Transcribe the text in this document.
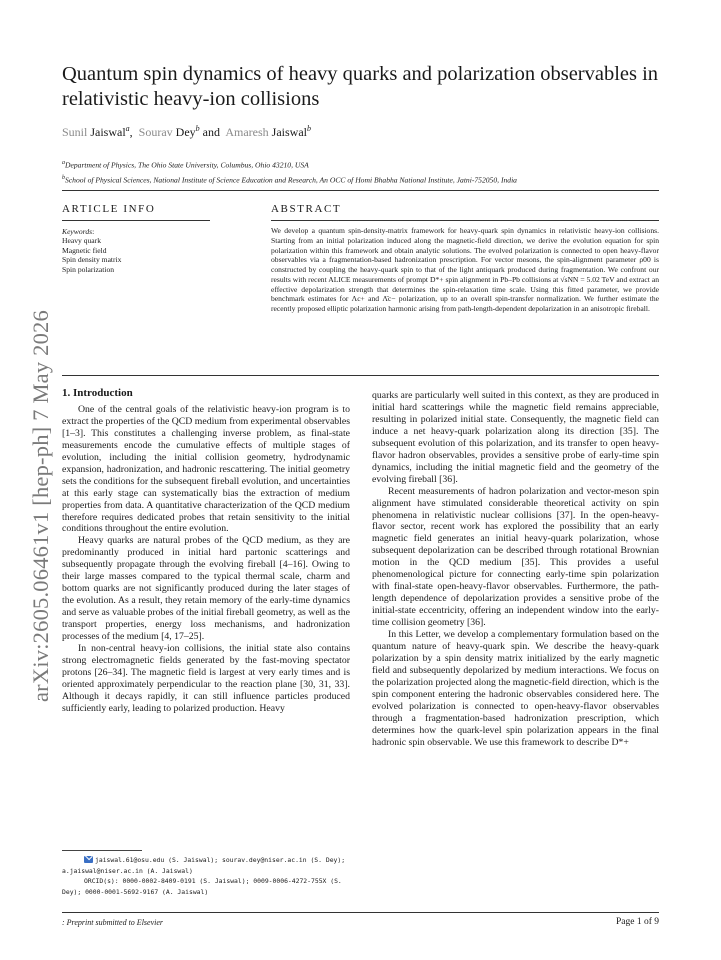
arXiv:2605.06461v1 [hep-ph] 7 May 2026
Quantum spin dynamics of heavy quarks and polarization observables in relativistic heavy-ion collisions
Sunil Jaiswal$^a$,  Sourav Dey$^b$ and Amaresh Jaiswal$^b$
$^a$Department of Physics, The Ohio State University, Columbus, Ohio 43210, USA
$^b$School of Physical Sciences, National Institute of Science Education and Research, An OCC of Homi Bhabha National Institute, Jatni-752050, India
ARTICLE INFO	ABSTRACT
Keywords:
Heavy quark
Magnetic field
Spin density matrix
Spin polarization
We develop a quantum spin-density-matrix framework for heavy-quark spin dynamics in relativistic heavy-ion collisions. Starting from an initial polarization induced along the magnetic-field direction, we derive the evolution equation for spin polarization within this framework and obtain analytic solutions. The evolved polarization is connected to open heavy-flavor observables via a fragmentation-based hadronization prescription. For vector mesons, the spin-alignment parameter ρ00 is constructed by coupling the heavy-quark spin to that of the light antiquark produced during fragmentation. We confront our results with recent ALICE measurements of prompt D*+ spin alignment in Pb–Pb collisions at √sNN = 5.02 TeV and extract an effective depolarization strength that determines the spin-relaxation time scale. Using this fitted parameter, we provide benchmark estimates for Λc+ and Λ̄c− polarization, up to an overall spin-transfer normalization. We further estimate the recently proposed elliptic polarization harmonic arising from path-length-dependent depolarization in an anisotropic fireball.

1. Introduction

One of the central goals of the relativistic heavy-ion program is to extract the properties of the QCD medium from experimental observables [1–3]. This constitutes a challenging inverse problem, as final-state measurements encode the cumulative effects of multiple stages of evolution, including the initial collision geometry, hydrodynamic expansion, hadronization, and hadronic rescattering. The initial geometry sets the conditions for the subsequent fireball evolution, and uncertainties at this early stage can systematically bias the extraction of medium properties from data. A quantitative characterization of the QCD medium therefore requires dedicated probes that retain sensitivity to the initial conditions throughout the entire evolution.

Heavy quarks are natural probes of the QCD medium, as they are predominantly produced in initial hard partonic scatterings and subsequently propagate through the evolving fireball [4–16]. Owing to their large masses compared to the typical thermal scale, charm and bottom quarks are not significantly produced during the later stages of the evolution. As a result, they retain memory of the early-time dynamics and serve as valuable probes of the initial fireball geometry, as well as the transport properties, energy loss mechanisms, and hadronization processes of the medium [4, 17–25].

In non-central heavy-ion collisions, the initial state also contains strong electromagnetic fields generated by the fast-moving spectator protons [26–34]. The magnetic field is largest at very early times and is oriented approximately perpendicular to the reaction plane [30, 31, 33]. Although it decays rapidly, it can still influence particles produced sufficiently early, leading to polarized production. Heavy

quarks are particularly well suited in this context, as they are produced in initial hard scatterings while the magnetic field remains appreciable, resulting in polarized initial state. Consequently, the magnetic field can induce a net heavy-quark polarization along its direction [35]. The subsequent evolution of this polarization, and its transfer to open heavy-flavor hadron observables, provides a sensitive probe of early-time spin dynamics, including the initial magnetic field and the geometry of the evolving fireball [36].

Recent measurements of hadron polarization and vector-meson spin alignment have stimulated considerable theoretical activity on spin phenomena in relativistic nuclear collisions [37]. In the open-heavy-flavor sector, recent work has explored the possibility that an early magnetic field generates an initial heavy-quark polarization, whose subsequent depolarization can be described through rotational Brownian motion in the QCD medium [35]. This provides a useful phenomenological picture for connecting early-time spin polarization with final-state open-heavy-flavor observables. Furthermore, the path-length dependence of depolarization provides a sensitive probe of the initial-state eccentricity, offering an independent window into the early-time collision geometry [36].

In this Letter, we develop a complementary formulation based on the quantum nature of heavy-quark spin. We describe the heavy-quark polarization by a spin density matrix initialized by the early magnetic field and subsequently depolarized by medium interactions. We focus on the polarization projected along the magnetic-field direction, which is the spin component entering the hadronic observables considered here. The evolved polarization is connected to open-heavy-flavor observables through a fragmentation-based hadronization prescription, which determines how the quark-level spin polarization appears in the final hadronic spin observable. We use this framework to describe D*+

jaiswal.61@osu.edu (S. Jaiswal); sourav.dey@niser.ac.in (S. Dey); a.jaiswal@niser.ac.in (A. Jaiswal)
ORCID(s): 0000-0002-8409-0191 (S. Jaiswal); 0009-0006-4272-755X (S. Dey); 0000-0001-5692-9167 (A. Jaiswal)
: Preprint submitted to Elsevier	Page 1 of 9
